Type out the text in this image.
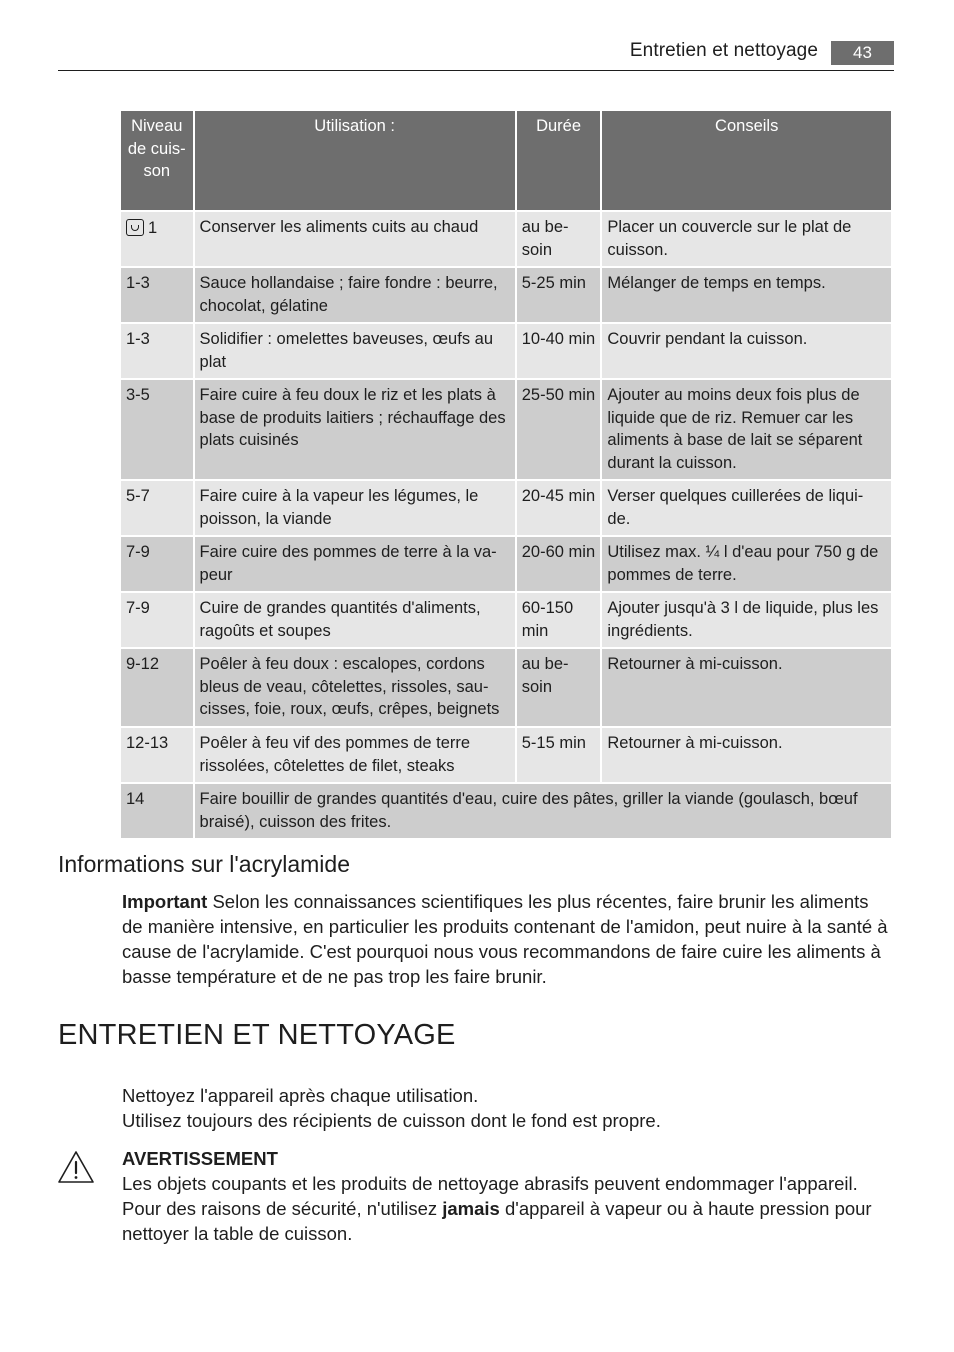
Entretien et nettoyage	43
Niveau de cuis-son	Utilisation :	Durée	Conseils
1	Conserver les aliments cuits au chaud	au be-soin	Placer un couvercle sur le plat de cuisson.
1-3	Sauce hollandaise ; faire fondre : beurre, chocolat, gélatine	5-25 min	Mélanger de temps en temps.
1-3	Solidifier : omelettes baveuses, œufs au plat	10-40 min	Couvrir pendant la cuisson.
3-5	Faire cuire à feu doux le riz et les plats à base de produits laitiers ; réchauffage des plats cuisinés	25-50 min	Ajouter au moins deux fois plus de liquide que de riz. Remuer car les aliments à base de lait se séparent durant la cuisson.
5-7	Faire cuire à la vapeur les légumes, le poisson, la viande	20-45 min	Verser quelques cuillerées de liqui-de.
7-9	Faire cuire des pommes de terre à la va-peur	20-60 min	Utilisez max. ¼ l d'eau pour 750 g de pommes de terre.
7-9	Cuire de grandes quantités d'aliments, ragoûts et soupes	60-150 min	Ajouter jusqu'à 3 l de liquide, plus les ingrédients.
9-12	Poêler à feu doux : escalopes, cordons bleus de veau, côtelettes, rissoles, sau-cisses, foie, roux, œufs, crêpes, beignets	au be-soin	Retourner à mi-cuisson.
12-13	Poêler à feu vif des pommes de terre rissolées, côtelettes de filet, steaks	5-15 min	Retourner à mi-cuisson.
14	Faire bouillir de grandes quantités d'eau, cuire des pâtes, griller la viande (goulasch, bœuf braisé), cuisson des frites.		
Informations sur l'acrylamide
Important Selon les connaissances scientifiques les plus récentes, faire brunir les aliments de manière intensive, en particulier les produits contenant de l'amidon, peut nuire à la santé à cause de l'acrylamide. C'est pourquoi nous vous recommandons de faire cuire les aliments à basse température et de ne pas trop les faire brunir.
ENTRETIEN ET NETTOYAGE
Nettoyez l'appareil après chaque utilisation.
Utilisez toujours des récipients de cuisson dont le fond est propre.
AVERTISSEMENT
Les objets coupants et les produits de nettoyage abrasifs peuvent endommager l'appareil. Pour des raisons de sécurité, n'utilisez jamais d'appareil à vapeur ou à haute pression pour nettoyer la table de cuisson.
